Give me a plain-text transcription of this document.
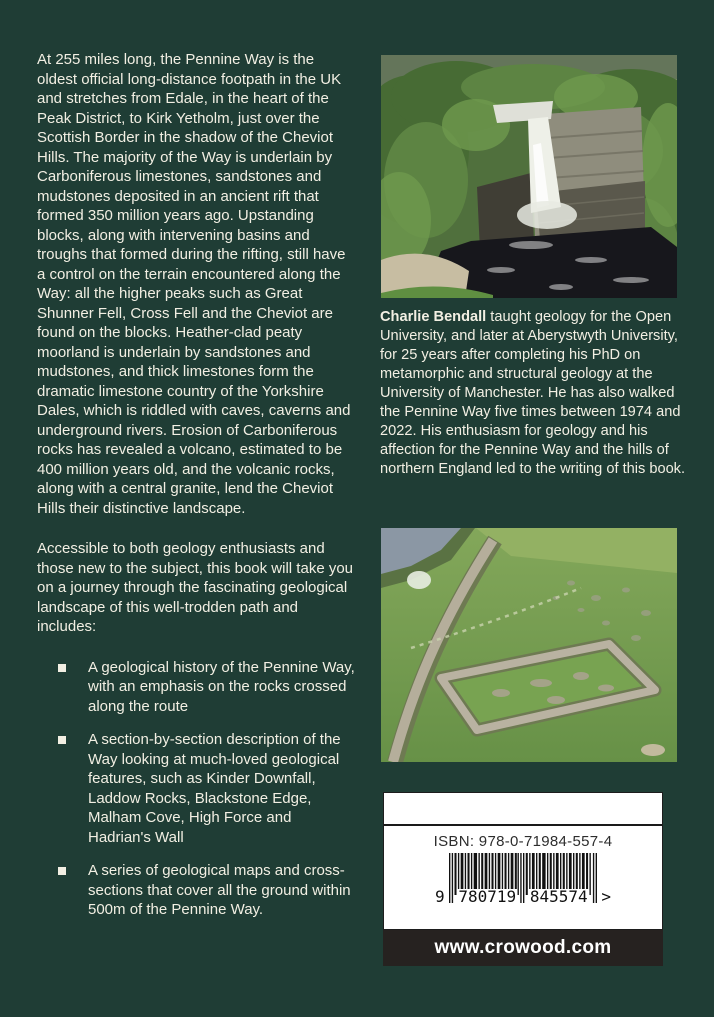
At 255 miles long, the Pennine Way is the oldest official long-distance footpath in the UK and stretches from Edale, in the heart of the Peak District, to Kirk Yetholm, just over the Scottish Border in the shadow of the Cheviot Hills. The majority of the Way is underlain by Carboniferous limestones, sandstones and mudstones deposited in an ancient rift that formed 350 million years ago. Upstanding blocks, along with intervening basins and troughs that formed during the rifting, still have a control on the terrain encountered along the Way: all the higher peaks such as Great Shunner Fell, Cross Fell and the Cheviot are found on the blocks. Heather-clad peaty moorland is underlain by sandstones and mudstones, and thick limestones form the dramatic limestone country of the Yorkshire Dales, which is riddled with caves, caverns and underground rivers. Erosion of Carboniferous rocks has revealed a volcano, estimated to be 400 million years old, and the volcanic rocks, along with a central granite, lend the Cheviot Hills their distinctive landscape.

Accessible to both geology enthusiasts and those new to the subject, this book will take you on a journey through the fascinating geological landscape of this well-trodden path and includes:

A geological history of the Pennine Way, with an emphasis on the rocks crossed along the route
A section-by-section description of the Way looking at much-loved geological features, such as Kinder Downfall, Laddow Rocks, Blackstone Edge, Malham Cove, High Force and Hadrian's Wall
A series of geological maps and cross-sections that cover all the ground within 500m of the Pennine Way.

Charlie Bendall taught geology for the Open University, and later at Aberystwyth University, for 25 years after completing his PhD on metamorphic and structural geology at the University of Manchester. He has also walked the Pennine Way five times between 1974 and 2022. His enthusiasm for geology and his affection for the Pennine Way and the hills of northern England led to the writing of this book.

ISBN: 978-0-71984-557-4
9 780719 845574 >
www.crowood.com
